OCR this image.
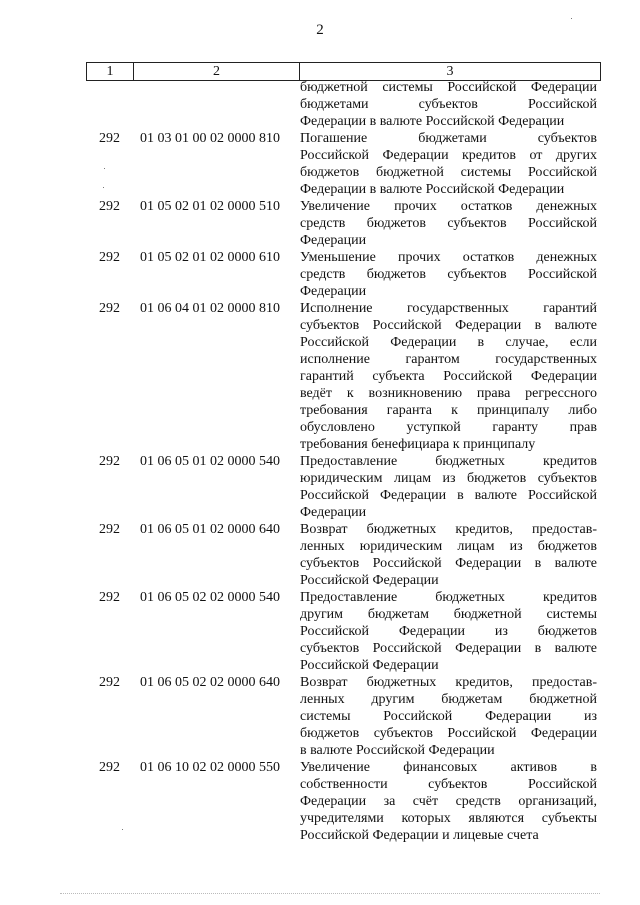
2
1	2	3
бюджетной системы Российской Федерации
бюджетами субъектов Российской
Федерации в валюте Российской Федерации
292	01 03 01 00 02 0000 810	Погашение бюджетами субъектов
Российской Федерации кредитов от других
бюджетов бюджетной системы Российской
Федерации в валюте Российской Федерации
292	01 05 02 01 02 0000 510	Увеличение прочих остатков денежных
средств бюджетов субъектов Российской
Федерации
292	01 05 02 01 02 0000 610	Уменьшение прочих остатков денежных
средств бюджетов субъектов Российской
Федерации
292	01 06 04 01 02 0000 810	Исполнение государственных гарантий
субъектов Российской Федерации в валюте
Российской Федерации в случае, если
исполнение гарантом государственных
гарантий субъекта Российской Федерации
ведёт к возникновению права регрессного
требования гаранта к принципалу либо
обусловлено уступкой гаранту прав
требования бенефициара к принципалу
292	01 06 05 01 02 0000 540	Предоставление бюджетных кредитов
юридическим лицам из бюджетов субъектов
Российской Федерации в валюте Российской
Федерации
292	01 06 05 01 02 0000 640	Возврат бюджетных кредитов, предостав-
ленных юридическим лицам из бюджетов
субъектов Российской Федерации в валюте
Российской Федерации
292	01 06 05 02 02 0000 540	Предоставление бюджетных кредитов
другим бюджетам бюджетной системы
Российской Федерации из бюджетов
субъектов Российской Федерации в валюте
Российской Федерации
292	01 06 05 02 02 0000 640	Возврат бюджетных кредитов, предостав-
ленных другим бюджетам бюджетной
системы Российской Федерации из
бюджетов субъектов Российской Федерации
в валюте Российской Федерации
292	01 06 10 02 02 0000 550	Увеличение финансовых активов в
собственности субъектов Российской
Федерации за счёт средств организаций,
учредителями которых являются субъекты
Российской Федерации и лицевые счета
